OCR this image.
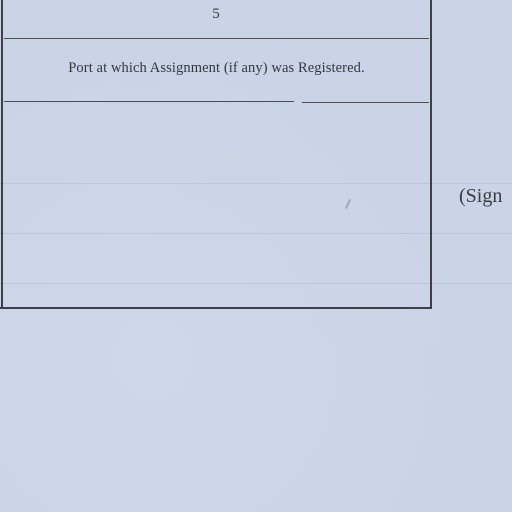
5
Port at which Assignment (if any) was Registered.
(Sign
